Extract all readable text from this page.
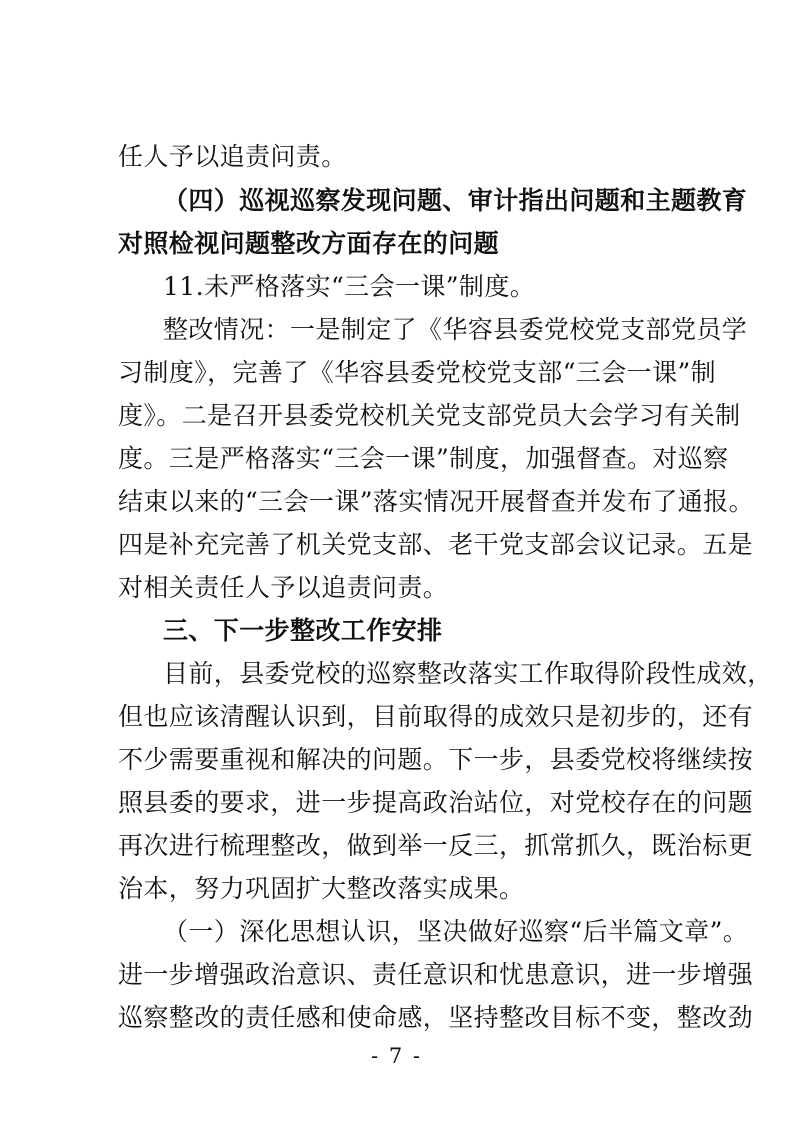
任人予以追责问责。
（四）巡视巡察发现问题、审计指出问题和主题教育
对照检视问题整改方面存在的问题
11.未严格落实“三会一课”制度。
整改情况：一是制定了《华容县委党校党支部党员学
习制度》，完善了《华容县委党校党支部“三会一课”制
度》。二是召开县委党校机关党支部党员大会学习有关制
度。三是严格落实“三会一课”制度，加强督查。对巡察
结束以来的“三会一课”落实情况开展督查并发布了通报。
四是补充完善了机关党支部、老干党支部会议记录。五是
对相关责任人予以追责问责。
三、下一步整改工作安排
目前，县委党校的巡察整改落实工作取得阶段性成效，
但也应该清醒认识到，目前取得的成效只是初步的，还有
不少需要重视和解决的问题。下一步，县委党校将继续按
照县委的要求，进一步提高政治站位，对党校存在的问题
再次进行梳理整改，做到举一反三，抓常抓久，既治标更
治本，努力巩固扩大整改落实成果。
（一）深化思想认识，坚决做好巡察“后半篇文章”。
进一步增强政治意识、责任意识和忧患意识，进一步增强
巡察整改的责任感和使命感，坚持整改目标不变，整改劲
- 7 -
